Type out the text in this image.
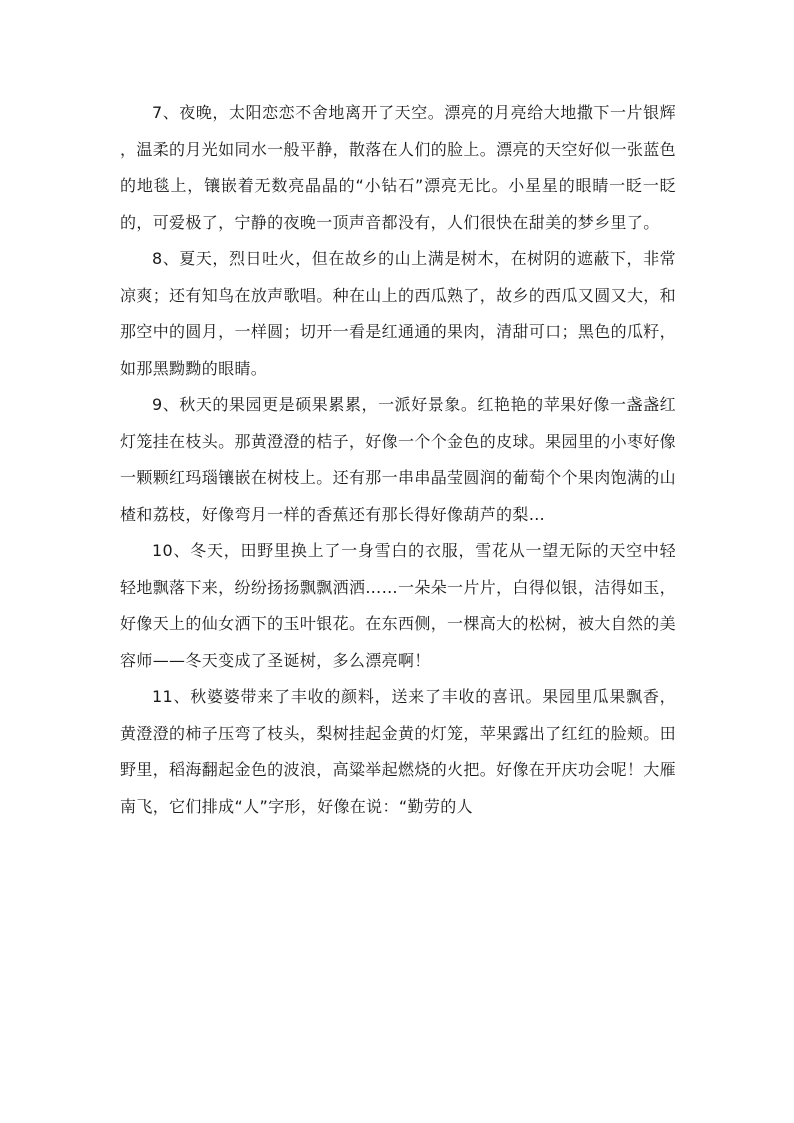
7、夜晚，太阳恋恋不舍地离开了天空。漂亮的月亮给大地撒下一片银辉，温柔的月光如同水一般平静，散落在人们的脸上。漂亮的天空好似一张蓝色的地毯上，镶嵌着无数亮晶晶的“小钻石”漂亮无比。小星星的眼睛一眨一眨的，可爱极了，宁静的夜晚一顶声音都没有，人们很快在甜美的梦乡里了。

8、夏天，烈日吐火，但在故乡的山上满是树木，在树阴的遮蔽下，非常凉爽；还有知鸟在放声歌唱。种在山上的西瓜熟了，故乡的西瓜又圆又大，和那空中的圆月，一样圆；切开一看是红通通的果肉，清甜可口；黑色的瓜籽，如那黑黝黝的眼睛。

9、秋天的果园更是硕果累累，一派好景象。红艳艳的苹果好像一盏盏红灯笼挂在枝头。那黄澄澄的桔子，好像一个个金色的皮球。果园里的小枣好像一颗颗红玛瑙镶嵌在树枝上。还有那一串串晶莹圆润的葡萄个个果肉饱满的山楂和荔枝，好像弯月一样的香蕉还有那长得好像葫芦的梨…

10、冬天，田野里换上了一身雪白的衣服，雪花从一望无际的天空中轻轻地飘落下来，纷纷扬扬飘飘洒洒……一朵朵一片片，白得似银，洁得如玉，好像天上的仙女洒下的玉叶银花。在东西侧，一棵高大的松树，被大自然的美容师——冬天变成了圣诞树，多么漂亮啊！

11、秋婆婆带来了丰收的颜料，送来了丰收的喜讯。果园里瓜果飘香，黄澄澄的柿子压弯了枝头，梨树挂起金黄的灯笼，苹果露出了红红的脸颊。田野里，稻海翻起金色的波浪，高粱举起燃烧的火把。好像在开庆功会呢！大雁南飞，它们排成“人”字形，好像在说：“勤劳的人
